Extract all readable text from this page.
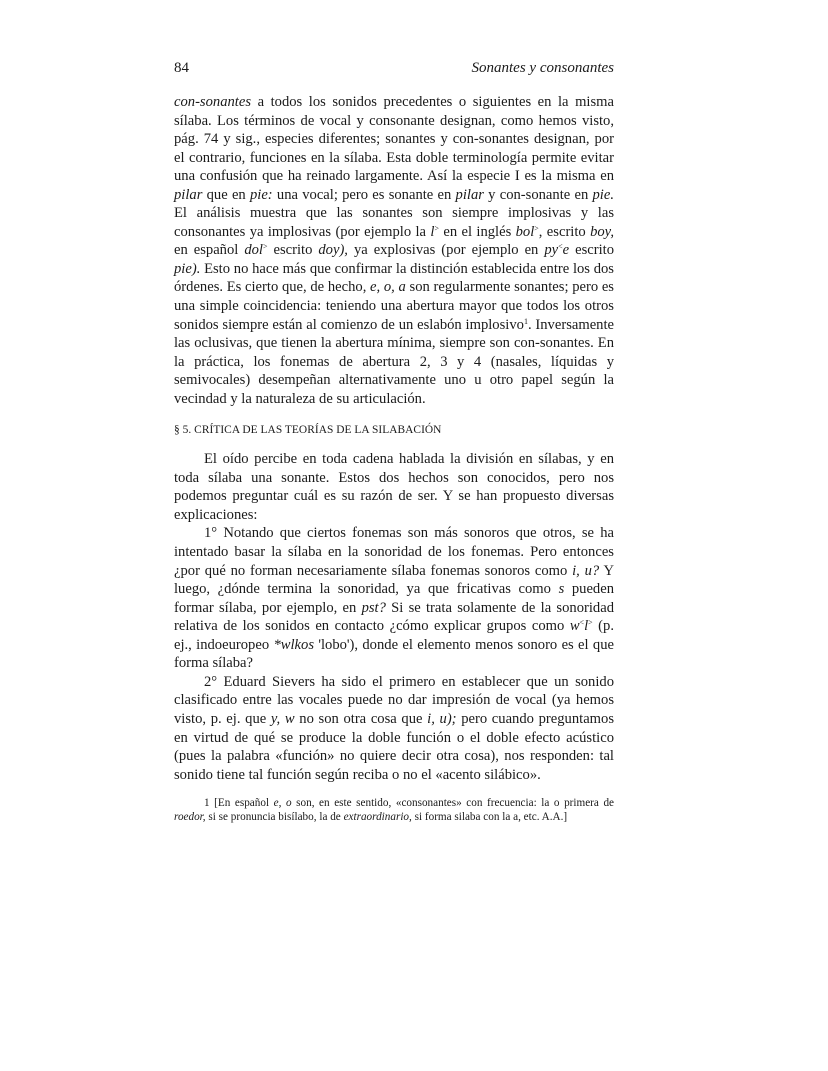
84	Sonantes y consonantes

con-sonantes a todos los sonidos precedentes o siguientes en la misma sílaba. Los términos de vocal y consonante designan, como hemos visto, pág. 74 y sig., especies diferentes; sonantes y con-sonantes designan, por el contrario, funciones en la sílaba. Esta doble terminología permite evitar una confusión que ha reinado largamente. Así la especie I es la misma en pilar que en pie: una vocal; pero es sonante en pilar y con-sonante en pie. El análisis muestra que las sonantes son siempre implosivas y las consonantes ya implosivas (por ejemplo la l> en el inglés bol>, escrito boy, en español dol> escrito doy), ya explosivas (por ejemplo en py<e escrito pie). Esto no hace más que confirmar la distinción establecida entre los dos órdenes. Es cierto que, de hecho, e, o, a son regularmente sonantes; pero es una simple coincidencia: teniendo una abertura mayor que todos los otros sonidos siempre están al comienzo de un eslabón implosivo$^1$. Inversamente las oclusivas, que tienen la abertura mínima, siempre son con-sonantes. En la práctica, los fonemas de abertura 2, 3 y 4 (nasales, líquidas y semivocales) desempeñan alternativamente uno u otro papel según la vecindad y la naturaleza de su articulación.

§ 5. CRÍTICA DE LAS TEORÍAS DE LA SILABACIÓN

El oído percibe en toda cadena hablada la división en sílabas, y en toda sílaba una sonante. Estos dos hechos son conocidos, pero nos podemos preguntar cuál es su razón de ser. Y se han propuesto diversas explicaciones:

1° Notando que ciertos fonemas son más sonoros que otros, se ha intentado basar la sílaba en la sonoridad de los fonemas. Pero entonces ¿por qué no forman necesariamente sílaba fonemas sonoros como i, u? Y luego, ¿dónde termina la sonoridad, ya que fricativas como s pueden formar sílaba, por ejemplo, en pst? Si se trata solamente de la sonoridad relativa de los sonidos en contacto ¿cómo explicar grupos como w<l> (p. ej., indoeuropeo *wlkos 'lobo'), donde el elemento menos sonoro es el que forma sílaba?

2° Eduard Sievers ha sido el primero en establecer que un sonido clasificado entre las vocales puede no dar impresión de vocal (ya hemos visto, p. ej. que y, w no son otra cosa que i, u); pero cuando preguntamos en virtud de qué se produce la doble función o el doble efecto acústico (pues la palabra «función» no quiere decir otra cosa), nos responden: tal sonido tiene tal función según reciba o no el «acento silábico».

1 [En español e, o son, en este sentido, «consonantes» con frecuencia: la o primera de roedor, si se pronuncia bisílabo, la de extraordinario, si forma silaba con la a, etc. A.A.]
